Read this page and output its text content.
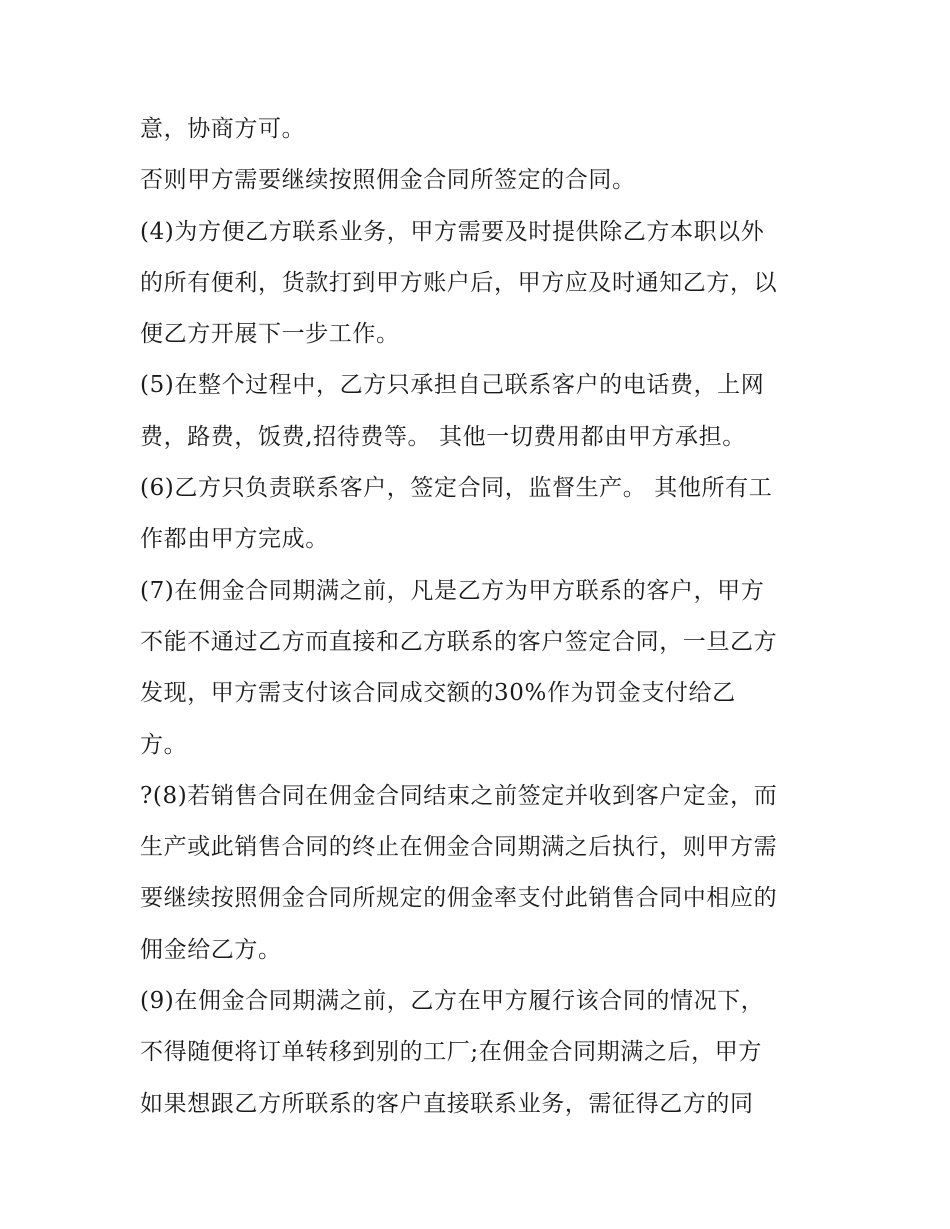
意，协商方可。
否则甲方需要继续按照佣金合同所签定的合同。
(4)为方便乙方联系业务，甲方需要及时提供除乙方本职以外
的所有便利，货款打到甲方账户后，甲方应及时通知乙方，以
便乙方开展下一步工作。
(5)在整个过程中，乙方只承担自己联系客户的电话费，上网
费，路费，饭费,招待费等。 其他一切费用都由甲方承担。
(6)乙方只负责联系客户，签定合同，监督生产。 其他所有工
作都由甲方完成。
(7)在佣金合同期满之前，凡是乙方为甲方联系的客户，甲方
不能不通过乙方而直接和乙方联系的客户签定合同，一旦乙方
发现，甲方需支付该合同成交额的30%作为罚金支付给乙
方。
?(8)若销售合同在佣金合同结束之前签定并收到客户定金，而
生产或此销售合同的终止在佣金合同期满之后执行，则甲方需
要继续按照佣金合同所规定的佣金率支付此销售合同中相应的
佣金给乙方。
(9)在佣金合同期满之前，乙方在甲方履行该合同的情况下，
不得随便将订单转移到别的工厂;在佣金合同期满之后，甲方
如果想跟乙方所联系的客户直接联系业务，需征得乙方的同
